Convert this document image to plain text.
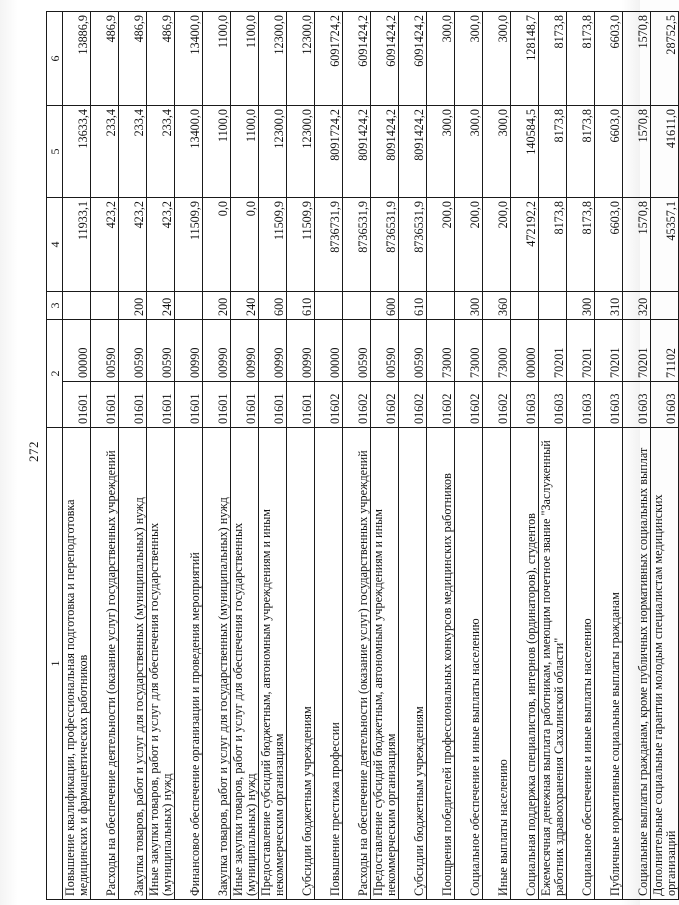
272
1	2		3	4	5	6
Повышение квалификации, профессиональная подготовка и переподготовка медицинских и фармацевтических работников	01601	00000		11933,1	13633,4	13886,9
Расходы на обеспечение деятельности (оказание услуг) государственных учреждений	01601	00590		423,2	233,4	486,9
Закупка товаров, работ и услуг для государственных (муниципальных) нужд	01601	00590	200	423,2	233,4	486,9
Иные закупки товаров, работ и услуг для обеспечения государственных (муниципальных) нужд	01601	00590	240	423,2	233,4	486,9
Финансовое обеспечение организации и проведения мероприятий	01601	00990		11509,9	13400,0	13400,0
Закупка товаров, работ и услуг для государственных (муниципальных) нужд	01601	00990	200	0,0	1100,0	1100,0
Иные закупки товаров, работ и услуг для обеспечения государственных (муниципальных) нужд	01601	00990	240	0,0	1100,0	1100,0
Предоставление субсидий бюджетным, автономным учреждениям и иным некоммерческим организациям	01601	00990	600	11509,9	12300,0	12300,0
Субсидии бюджетным учреждениям	01601	00990	610	11509,9	12300,0	12300,0
Повышение престижа профессии	01602	00000		8736731,9	8091724,2	6091724,2
Расходы на обеспечение деятельности (оказание услуг) государственных учреждений	01602	00590		8736531,9	8091424,2	6091424,2
Предоставление субсидий бюджетным, автономным учреждениям и иным некоммерческим организациям	01602	00590	600	8736531,9	8091424,2	6091424,2
Субсидии бюджетным учреждениям	01602	00590	610	8736531,9	8091424,2	6091424,2
Поощрения победителей профессиональных конкурсов медицинских работников	01602	73000		200,0	300,0	300,0
Социальное обеспечение и иные выплаты населению	01602	73000	300	200,0	300,0	300,0
Иные выплаты населению	01602	73000	360	200,0	300,0	300,0
Социальная поддержка специалистов, интернов (ординаторов), студентов	01603	00000		472192,2	140584,5	128148,7
Ежемесячная денежная выплата работникам, имеющим почетное звание "Заслуженный работник здравоохранения Сахалинской области"	01603	70201		8173,8	8173,8	8173,8
Социальное обеспечение и иные выплаты населению	01603	70201	300	8173,8	8173,8	8173,8
Публичные нормативные социальные выплаты гражданам	01603	70201	310	6603,0	6603,0	6603,0
Социальные выплаты гражданам, кроме публичных нормативных социальных выплат	01603	70201	320	1570,8	1570,8	1570,8
Дополнительные социальные гарантии молодым специалистам медицинских организаций	01603	71102		45357,1	41611,0	28752,5
